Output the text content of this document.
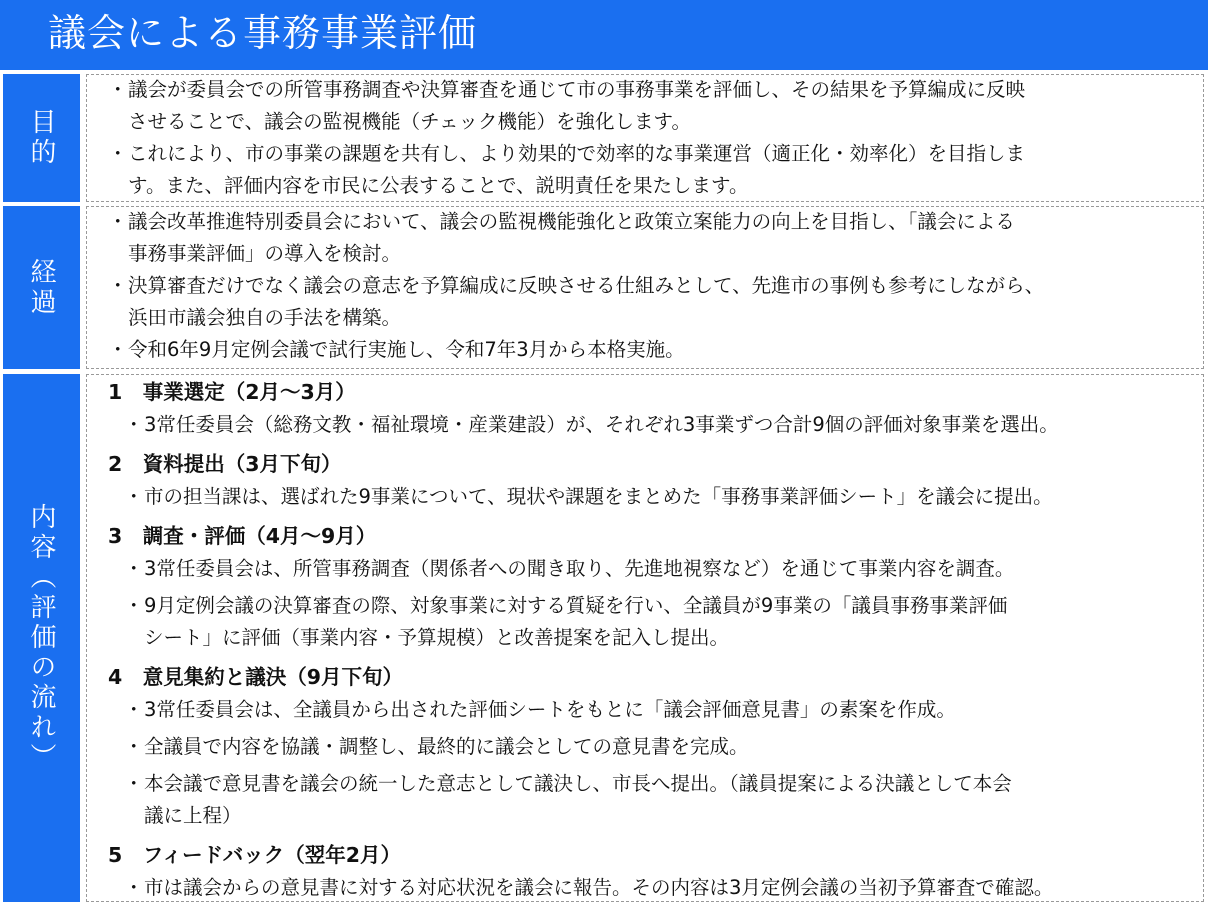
議会による事務事業評価
目的
経過
内容（評価の流れ）
・ 議会が委員会での所管事務調査や決算審査を通じて市の事務事業を評価し、その結果を予算編成に反映
させることで、議会の監視機能（チェック機能）を強化します。
・ これにより、市の事業の課題を共有し、より効果的で効率的な事業運営（適正化・効率化）を目指しま
す。また、評価内容を市民に公表することで、説明責任を果たします。
・ 議会改革推進特別委員会において、議会の監視機能強化と政策立案能力の向上を目指し、「議会による
事務事業評価」の導入を検討。
・ 決算審査だけでなく議会の意志を予算編成に反映させる仕組みとして、先進市の事例も参考にしながら、
浜田市議会独自の手法を構築。
・ 令和6年9月定例会議で試行実施し、令和7年3月から本格実施。
1　事業選定（2月～3月）
・ 3常任委員会（総務文教・福祉環境・産業建設）が、それぞれ3事業ずつ合計9個の評価対象事業を選出。
2　資料提出（3月下旬）
・ 市の担当課は、選ばれた9事業について、現状や課題をまとめた「事務事業評価シート」を議会に提出。
3　調査・評価（4月～9月）
・ 3常任委員会は、所管事務調査（関係者への聞き取り、先進地視察など）を通じて事業内容を調査。
・ 9月定例会議の決算審査の際、対象事業に対する質疑を行い、全議員が9事業の「議員事務事業評価
シート」に評価（事業内容・予算規模）と改善提案を記入し提出。
4　意見集約と議決（9月下旬）
・ 3常任委員会は、全議員から出された評価シートをもとに「議会評価意見書」の素案を作成。
・ 全議員で内容を協議・調整し、最終的に議会としての意見書を完成。
・ 本会議で意見書を議会の統一した意志として議決し、市長へ提出。（議員提案による決議として本会
議に上程）
5　フィードバック（翌年2月）
・ 市は議会からの意見書に対する対応状況を議会に報告。その内容は3月定例会議の当初予算審査で確認。
